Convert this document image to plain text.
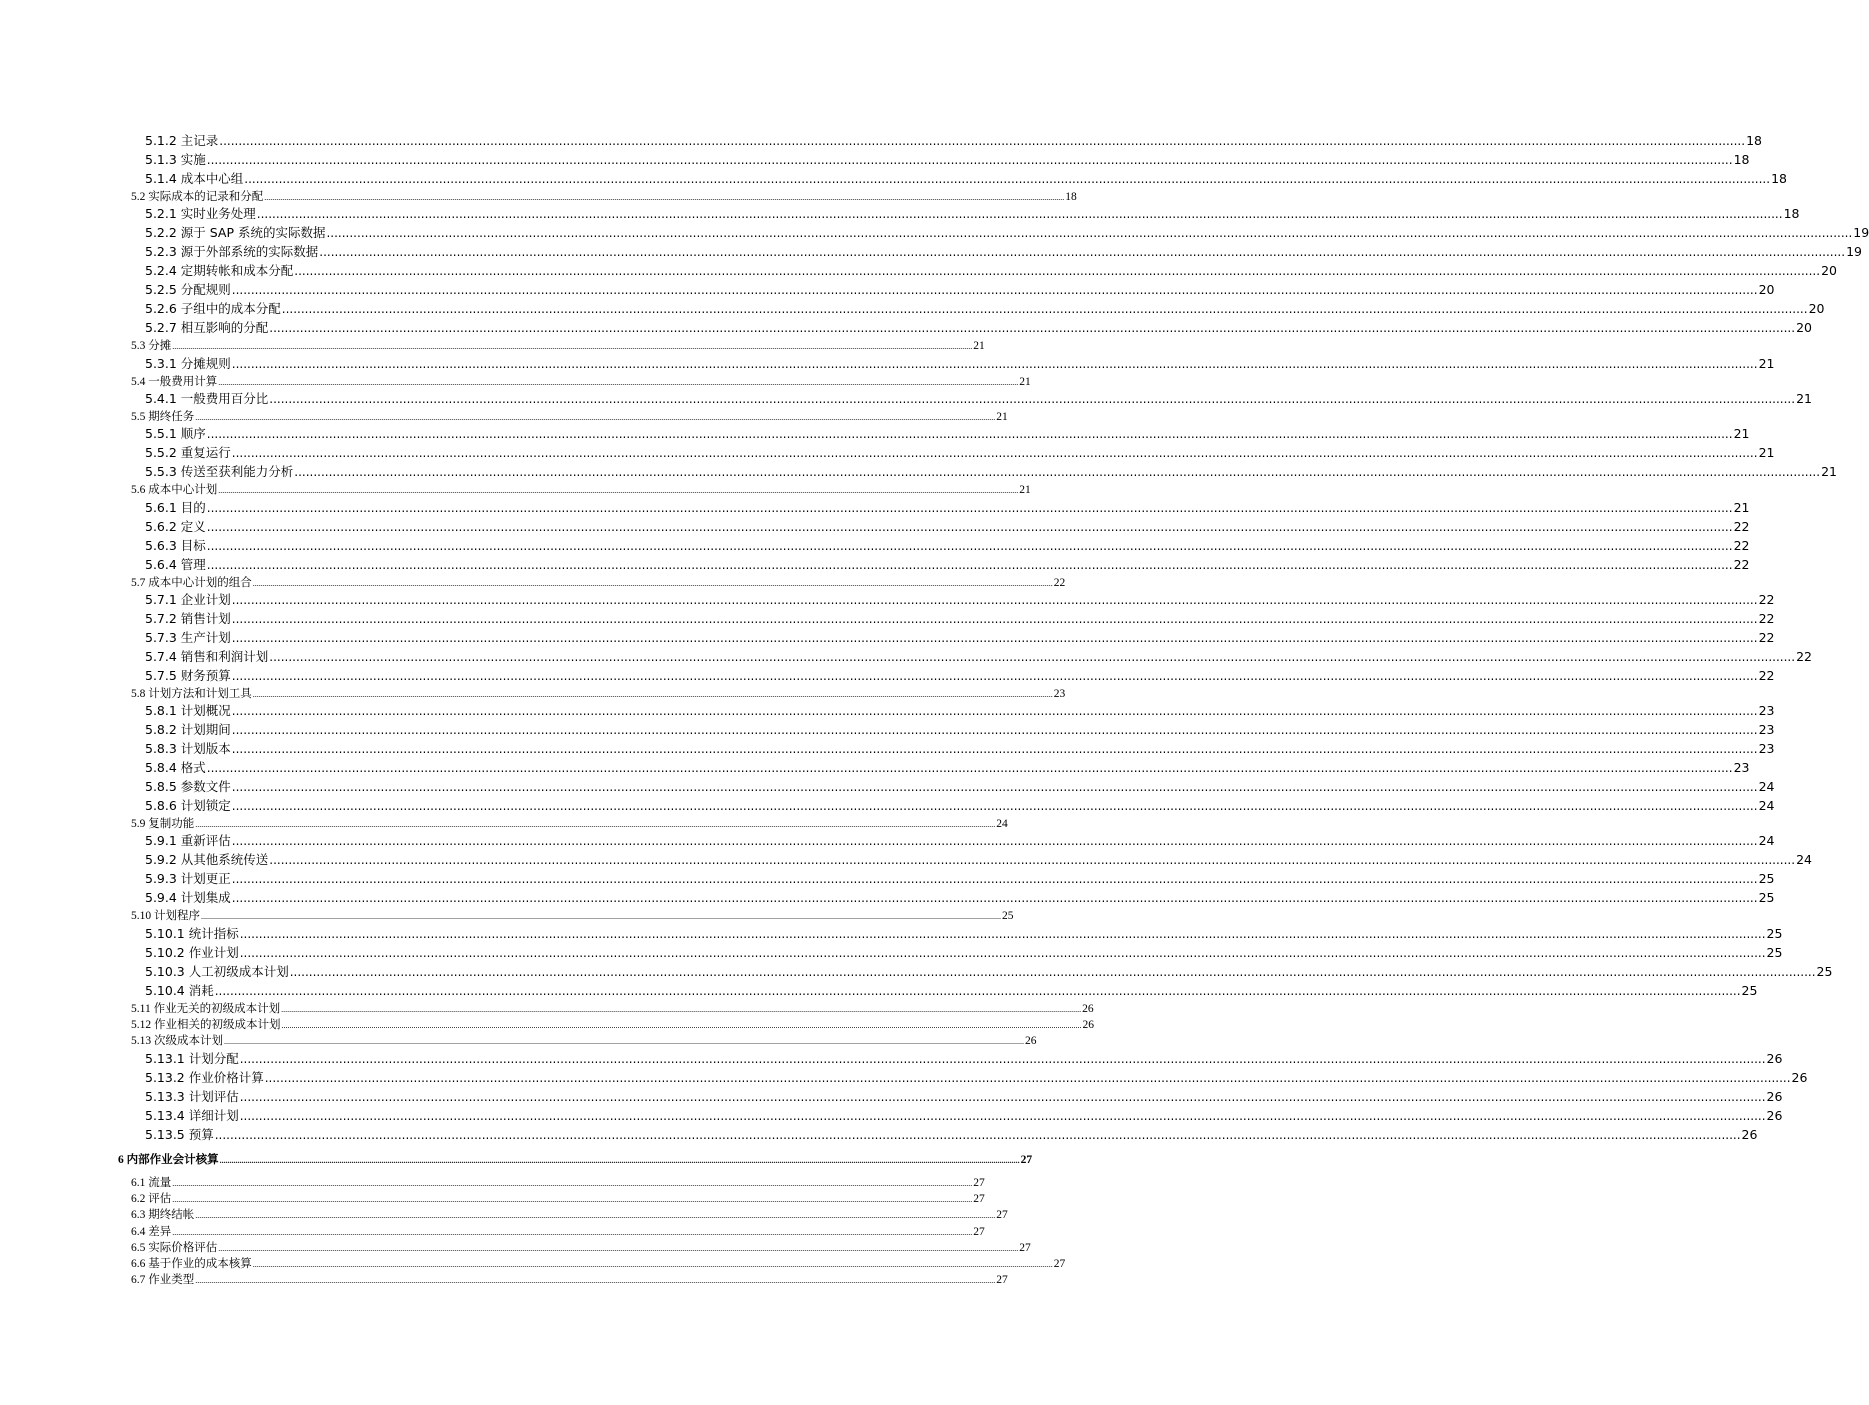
5.1.2 主记录 ................................................................................................................................................................................................................................................................................................................................................................................................................ 18
5.1.3 实施 ................................................................................................................................................................................................................................................................................................................................................................................................................ 18
5.1.4 成本中心组 ................................................................................................................................................................................................................................................................................................................................................................................................................ 18
5.2 实际成本的记录和分配 ................................................................................................................................................................................................................................................................................................................................................................................................................ 18
5.2.1 实时业务处理 ................................................................................................................................................................................................................................................................................................................................................................................................................ 18
5.2.2 源于 SAP 系统的实际数据 ................................................................................................................................................................................................................................................................................................................................................................................................................ 19
5.2.3 源于外部系统的实际数据 ................................................................................................................................................................................................................................................................................................................................................................................................................ 19
5.2.4 定期转帐和成本分配 ................................................................................................................................................................................................................................................................................................................................................................................................................ 20
5.2.5 分配规则 ................................................................................................................................................................................................................................................................................................................................................................................................................ 20
5.2.6 子组中的成本分配 ................................................................................................................................................................................................................................................................................................................................................................................................................ 20
5.2.7 相互影响的分配 ................................................................................................................................................................................................................................................................................................................................................................................................................ 20
5.3 分摊 ................................................................................................................................................................................................................................................................................................................................................................................................................ 21
5.3.1 分摊规则 ................................................................................................................................................................................................................................................................................................................................................................................................................ 21
5.4 一般费用计算 ................................................................................................................................................................................................................................................................................................................................................................................................................ 21
5.4.1 一般费用百分比 ................................................................................................................................................................................................................................................................................................................................................................................................................ 21
5.5 期终任务 ................................................................................................................................................................................................................................................................................................................................................................................................................ 21
5.5.1 顺序 ................................................................................................................................................................................................................................................................................................................................................................................................................ 21
5.5.2 重复运行 ................................................................................................................................................................................................................................................................................................................................................................................................................ 21
5.5.3 传送至获利能力分析 ................................................................................................................................................................................................................................................................................................................................................................................................................ 21
5.6 成本中心计划 ................................................................................................................................................................................................................................................................................................................................................................................................................ 21
5.6.1 目的 ................................................................................................................................................................................................................................................................................................................................................................................................................ 21
5.6.2 定义 ................................................................................................................................................................................................................................................................................................................................................................................................................ 22
5.6.3 目标 ................................................................................................................................................................................................................................................................................................................................................................................................................ 22
5.6.4 管理 ................................................................................................................................................................................................................................................................................................................................................................................................................ 22
5.7 成本中心计划的组合 ................................................................................................................................................................................................................................................................................................................................................................................................................ 22
5.7.1 企业计划 ................................................................................................................................................................................................................................................................................................................................................................................................................ 22
5.7.2 销售计划 ................................................................................................................................................................................................................................................................................................................................................................................................................ 22
5.7.3 生产计划 ................................................................................................................................................................................................................................................................................................................................................................................................................ 22
5.7.4 销售和利润计划 ................................................................................................................................................................................................................................................................................................................................................................................................................ 22
5.7.5 财务预算 ................................................................................................................................................................................................................................................................................................................................................................................................................ 22
5.8 计划方法和计划工具 ................................................................................................................................................................................................................................................................................................................................................................................................................ 23
5.8.1 计划概况 ................................................................................................................................................................................................................................................................................................................................................................................................................ 23
5.8.2 计划期间 ................................................................................................................................................................................................................................................................................................................................................................................................................ 23
5.8.3 计划版本 ................................................................................................................................................................................................................................................................................................................................................................................................................ 23
5.8.4 格式 ................................................................................................................................................................................................................................................................................................................................................................................................................ 23
5.8.5 参数文件 ................................................................................................................................................................................................................................................................................................................................................................................................................ 24
5.8.6 计划锁定 ................................................................................................................................................................................................................................................................................................................................................................................................................ 24
5.9 复制功能 ................................................................................................................................................................................................................................................................................................................................................................................................................ 24
5.9.1 重新评估 ................................................................................................................................................................................................................................................................................................................................................................................................................ 24
5.9.2 从其他系统传送 ................................................................................................................................................................................................................................................................................................................................................................................................................ 24
5.9.3 计划更正 ................................................................................................................................................................................................................................................................................................................................................................................................................ 25
5.9.4 计划集成 ................................................................................................................................................................................................................................................................................................................................................................................................................ 25
5.10 计划程序 ................................................................................................................................................................................................................................................................................................................................................................................................................ 25
5.10.1 统计指标 ................................................................................................................................................................................................................................................................................................................................................................................................................ 25
5.10.2 作业计划 ................................................................................................................................................................................................................................................................................................................................................................................................................ 25
5.10.3 人工初级成本计划 ................................................................................................................................................................................................................................................................................................................................................................................................................ 25
5.10.4 消耗 ................................................................................................................................................................................................................................................................................................................................................................................................................ 25
5.11 作业无关的初级成本计划 ................................................................................................................................................................................................................................................................................................................................................................................................................ 26
5.12 作业相关的初级成本计划 ................................................................................................................................................................................................................................................................................................................................................................................................................ 26
5.13 次级成本计划 ................................................................................................................................................................................................................................................................................................................................................................................................................ 26
5.13.1 计划分配 ................................................................................................................................................................................................................................................................................................................................................................................................................ 26
5.13.2 作业价格计算 ................................................................................................................................................................................................................................................................................................................................................................................................................ 26
5.13.3 计划评估 ................................................................................................................................................................................................................................................................................................................................................................................................................ 26
5.13.4 详细计划 ................................................................................................................................................................................................................................................................................................................................................................................................................ 26
5.13.5 预算 ................................................................................................................................................................................................................................................................................................................................................................................................................ 26
6 内部作业会计核算 ................................................................................................................................................................................................................................................................................................................................................................................................................ 27
6.1 流量 ................................................................................................................................................................................................................................................................................................................................................................................................................ 27
6.2 评估 ................................................................................................................................................................................................................................................................................................................................................................................................................ 27
6.3 期终结帐 ................................................................................................................................................................................................................................................................................................................................................................................................................ 27
6.4 差异 ................................................................................................................................................................................................................................................................................................................................................................................................................ 27
6.5 实际价格评估 ................................................................................................................................................................................................................................................................................................................................................................................................................ 27
6.6 基于作业的成本核算 ................................................................................................................................................................................................................................................................................................................................................................................................................ 27
6.7 作业类型 ................................................................................................................................................................................................................................................................................................................................................................................................................ 27
